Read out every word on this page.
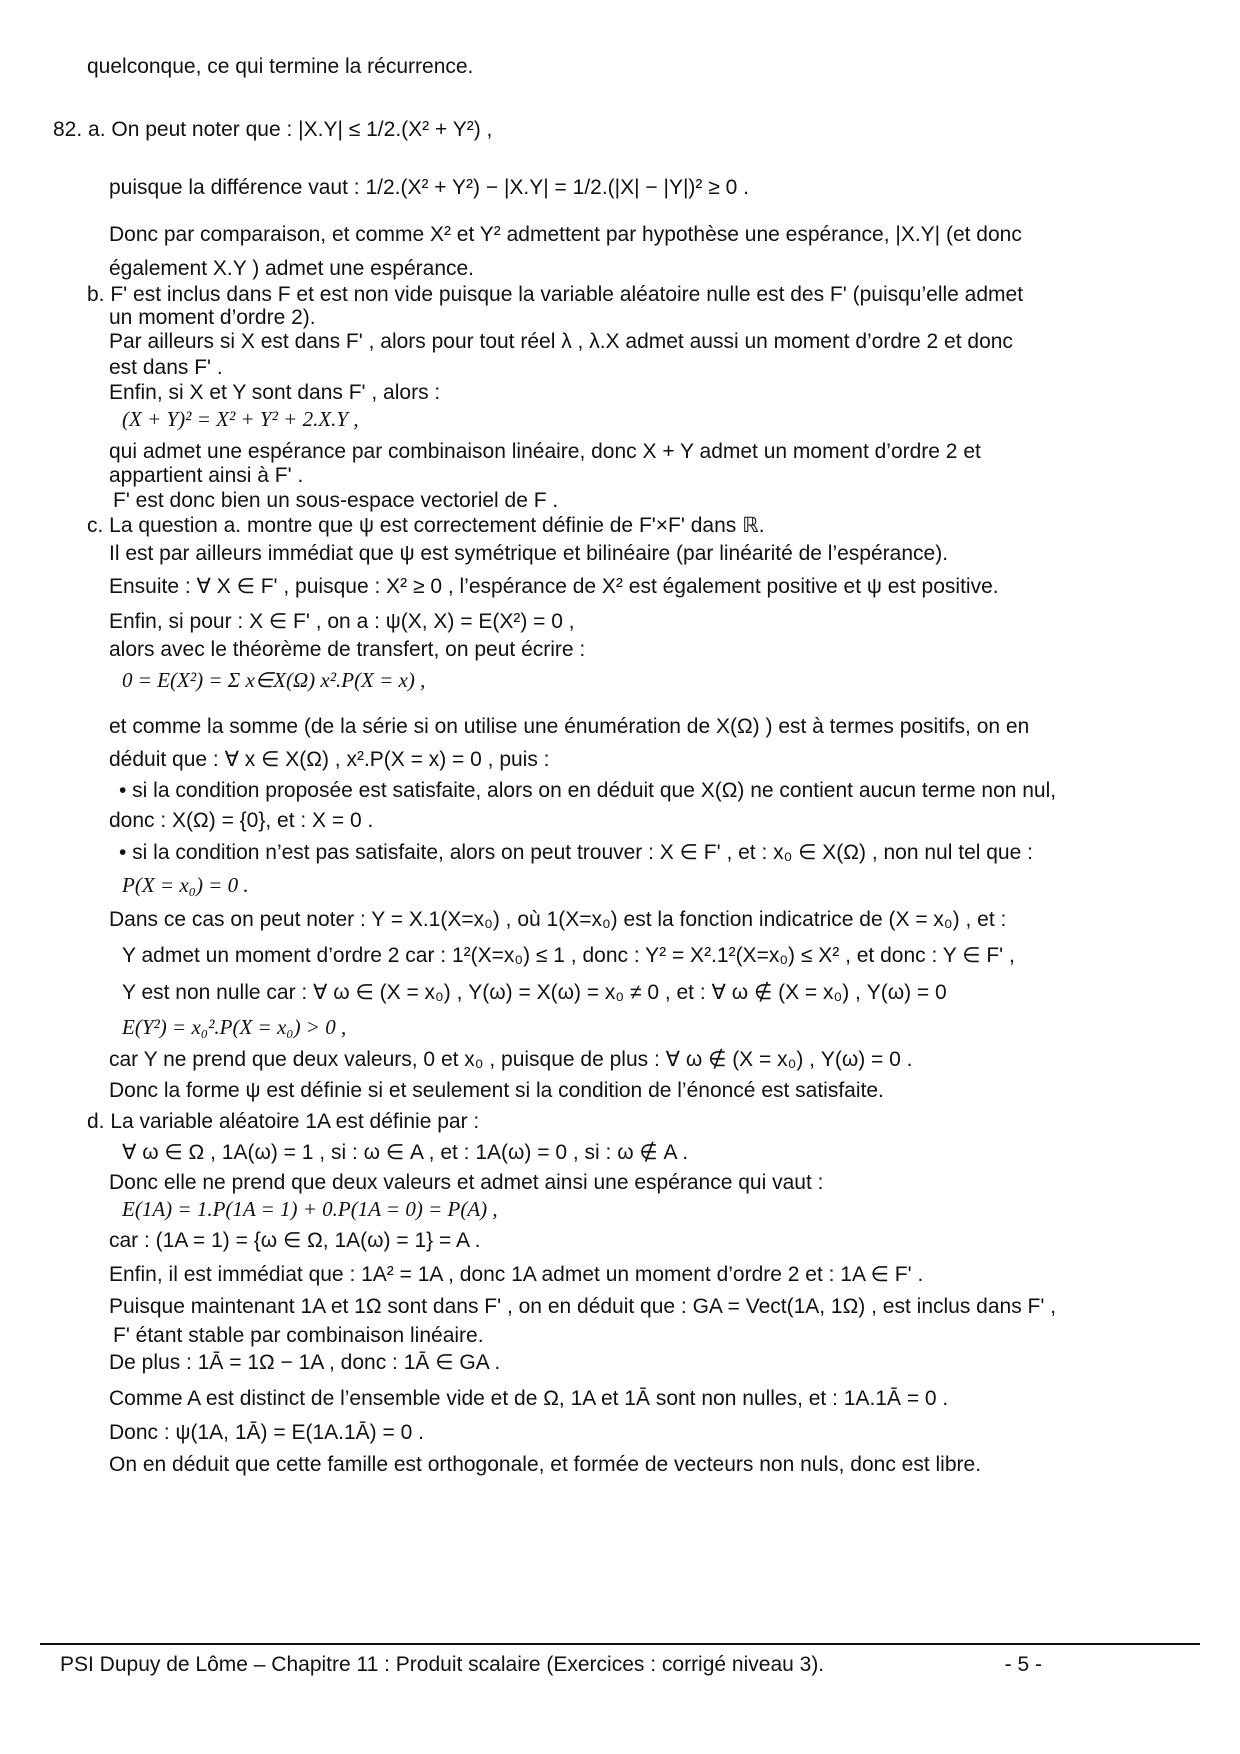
quelconque, ce qui termine la récurrence.
82. a. On peut noter que : |X.Y| ≤ 1/2.(X² + Y²) ,
puisque la différence vaut : 1/2.(X² + Y²) − |X.Y| = 1/2.(|X| − |Y|)² ≥ 0 .
Donc par comparaison, et comme X² et Y² admettent par hypothèse une espérance, |X.Y| (et donc
également X.Y ) admet une espérance.
b. F' est inclus dans F et est non vide puisque la variable aléatoire nulle est des F' (puisqu’elle admet
un moment d’ordre 2).
Par ailleurs si X est dans F' , alors pour tout réel λ , λ.X admet aussi un moment d’ordre 2 et donc
est dans F' .
Enfin, si X et Y sont dans F' , alors :
(X + Y)² = X² + Y² + 2.X.Y ,
qui admet une espérance par combinaison linéaire, donc X + Y admet un moment d’ordre 2 et
appartient ainsi à F' .
F' est donc bien un sous-espace vectoriel de F .
c. La question a. montre que ψ est correctement définie de F'×F' dans ℝ.
Il est par ailleurs immédiat que ψ est symétrique et bilinéaire (par linéarité de l’espérance).
Ensuite : ∀ X ∈ F' , puisque : X² ≥ 0 , l’espérance de X² est également positive et ψ est positive.
Enfin, si pour : X ∈ F' , on a : ψ(X, X) = E(X²) = 0 ,
alors avec le théorème de transfert, on peut écrire :
0 = E(X²) = Σ x∈X(Ω) x².P(X = x) ,
et comme la somme (de la série si on utilise une énumération de X(Ω) ) est à termes positifs, on en
déduit que : ∀ x ∈ X(Ω) , x².P(X = x) = 0 , puis :
• si la condition proposée est satisfaite, alors on en déduit que X(Ω) ne contient aucun terme non nul,
donc : X(Ω) = {0}, et : X = 0 .
• si la condition n’est pas satisfaite, alors on peut trouver : X ∈ F' , et : x₀ ∈ X(Ω) , non nul tel que :
P(X = x₀) = 0 .
Dans ce cas on peut noter : Y = X.1(X=x₀) , où 1(X=x₀) est la fonction indicatrice de (X = x₀) , et :
Y admet un moment d’ordre 2 car : 1²(X=x₀) ≤ 1 , donc : Y² = X².1²(X=x₀) ≤ X² , et donc : Y ∈ F' ,
Y est non nulle car : ∀ ω ∈ (X = x₀) , Y(ω) = X(ω) = x₀ ≠ 0 , et : ∀ ω ∉ (X = x₀) , Y(ω) = 0
E(Y²) = x₀².P(X = x₀) > 0 ,
car Y ne prend que deux valeurs, 0 et x₀ , puisque de plus : ∀ ω ∉ (X = x₀) , Y(ω) = 0 .
Donc la forme ψ est définie si et seulement si la condition de l’énoncé est satisfaite.
d. La variable aléatoire 1A est définie par :
∀ ω ∈ Ω , 1A(ω) = 1 , si : ω ∈ A , et : 1A(ω) = 0 , si : ω ∉ A .
Donc elle ne prend que deux valeurs et admet ainsi une espérance qui vaut :
E(1A) = 1.P(1A = 1) + 0.P(1A = 0) = P(A) ,
car : (1A = 1) = {ω ∈ Ω, 1A(ω) = 1} = A .
Enfin, il est immédiat que : 1A² = 1A , donc 1A admet un moment d’ordre 2 et : 1A ∈ F' .
Puisque maintenant 1A et 1Ω sont dans F' , on en déduit que : GA = Vect(1A, 1Ω) , est inclus dans F' ,
F' étant stable par combinaison linéaire.
De plus : 1Ā = 1Ω − 1A , donc : 1Ā ∈ GA .
Comme A est distinct de l’ensemble vide et de Ω, 1A et 1Ā sont non nulles, et : 1A.1Ā = 0 .
Donc : ψ(1A, 1Ā) = E(1A.1Ā) = 0 .
On en déduit que cette famille est orthogonale, et formée de vecteurs non nuls, donc est libre.
PSI Dupuy de Lôme – Chapitre 11 : Produit scalaire (Exercices : corrigé niveau 3).	- 5 -
